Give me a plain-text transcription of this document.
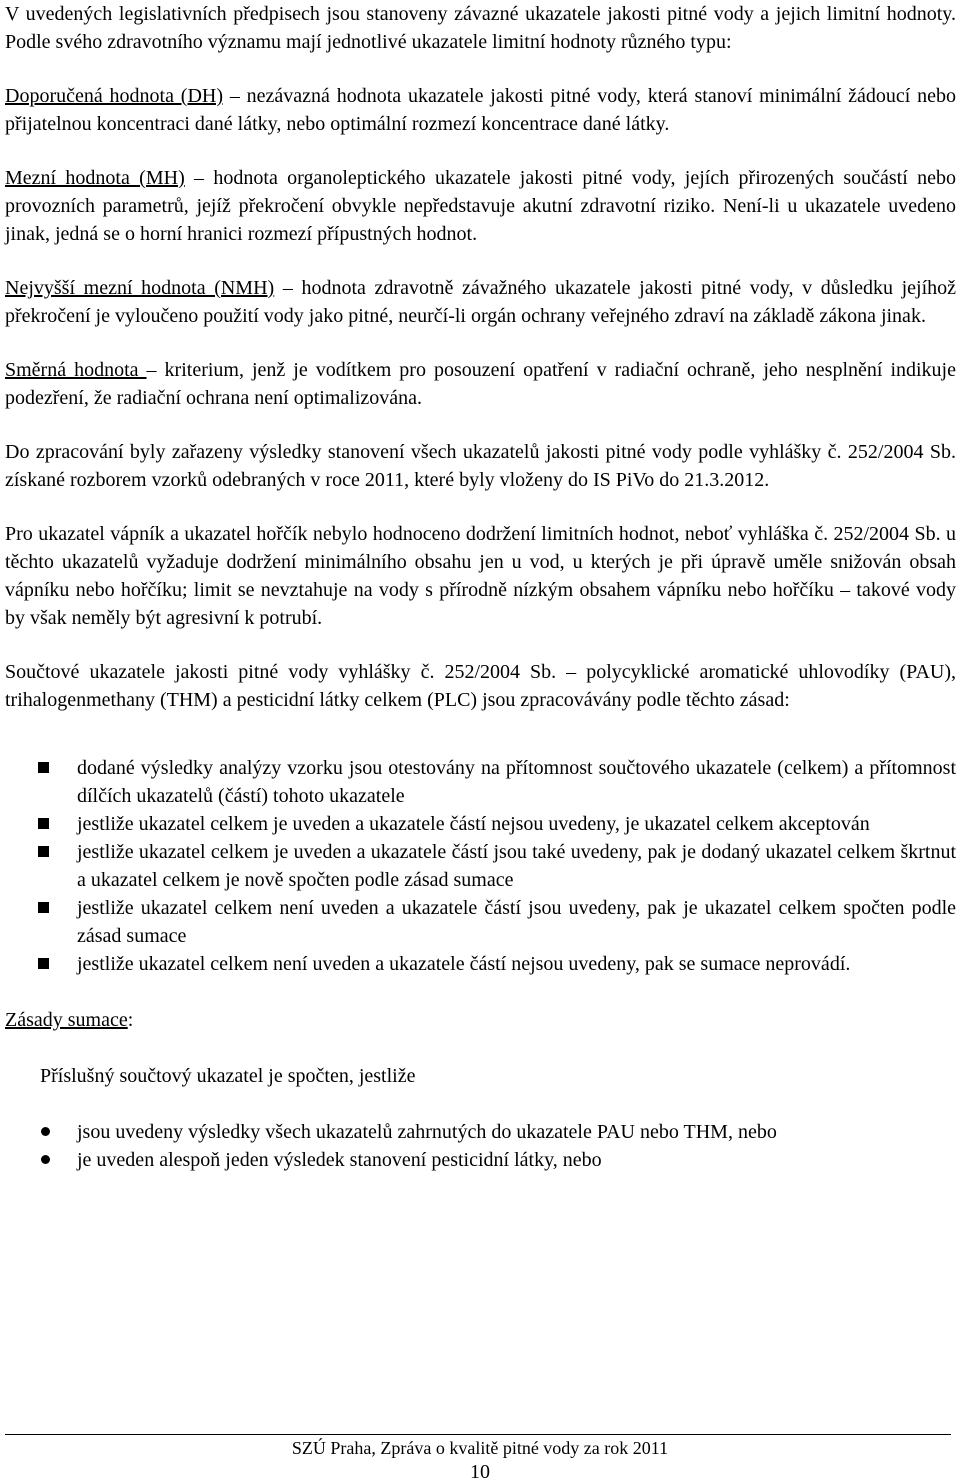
V uvedených legislativních předpisech jsou stanoveny závazné ukazatele jakosti pitné vody a jejich limitní hodnoty. Podle svého zdravotního významu mají jednotlivé ukazatele limitní hodnoty různého typu:

Doporučená hodnota (DH) – nezávazná hodnota ukazatele jakosti pitné vody, která stanoví minimální žádoucí nebo přijatelnou koncentraci dané látky, nebo optimální rozmezí koncentrace dané látky.

Mezní hodnota (MH) – hodnota organoleptického ukazatele jakosti pitné vody, jejích přirozených součástí nebo provozních parametrů, jejíž překročení obvykle nepředstavuje akutní zdravotní riziko. Není-li u ukazatele uvedeno jinak, jedná se o horní hranici rozmezí přípustných hodnot.

Nejvyšší mezní hodnota (NMH) – hodnota zdravotně závažného ukazatele jakosti pitné vody, v důsledku jejíhož překročení je vyloučeno použití vody jako pitné, neurčí-li orgán ochrany veřejného zdraví na základě zákona jinak.

Směrná hodnota – kriterium, jenž je vodítkem pro posouzení opatření v radiační ochraně, jeho nesplnění indikuje podezření, že radiační ochrana není optimalizována.

Do zpracování byly zařazeny výsledky stanovení všech ukazatelů jakosti pitné vody podle vyhlášky č. 252/2004 Sb. získané rozborem vzorků odebraných v roce 2011, které byly vloženy do IS PiVo do 21.3.2012.

Pro ukazatel vápník a ukazatel hořčík nebylo hodnoceno dodržení limitních hodnot, neboť vyhláška č. 252/2004 Sb. u těchto ukazatelů vyžaduje dodržení minimálního obsahu jen u vod, u kterých je při úpravě uměle snižován obsah vápníku nebo hořčíku; limit se nevztahuje na vody s přírodně nízkým obsahem vápníku nebo hořčíku – takové vody by však neměly být agresivní k potrubí.

Součtové ukazatele jakosti pitné vody vyhlášky č. 252/2004 Sb. – polycyklické aromatické uhlovodíky (PAU), trihalogenmethany (THM) a pesticidní látky celkem (PLC) jsou zpracovávány podle těchto zásad:

dodané výsledky analýzy vzorku jsou otestovány na přítomnost součtového ukazatele (celkem) a přítomnost dílčích ukazatelů (částí) tohoto ukazatele
jestliže ukazatel celkem je uveden a ukazatele částí nejsou uvedeny, je ukazatel celkem akceptován
jestliže ukazatel celkem je uveden a ukazatele částí jsou také uvedeny, pak je dodaný ukazatel celkem škrtnut a ukazatel celkem je nově spočten podle zásad sumace
jestliže ukazatel celkem není uveden a ukazatele částí jsou uvedeny, pak je ukazatel celkem spočten podle zásad sumace
jestliže ukazatel celkem není uveden a ukazatele částí nejsou uvedeny, pak se sumace neprovádí.

Zásady sumace:

Příslušný součtový ukazatel je spočten, jestliže

jsou uvedeny výsledky všech ukazatelů zahrnutých do ukazatele PAU nebo THM, nebo
je uveden alespoň jeden výsledek stanovení pesticidní látky, nebo
SZÚ Praha, Zpráva o kvalitě pitné vody za rok 2011
10
